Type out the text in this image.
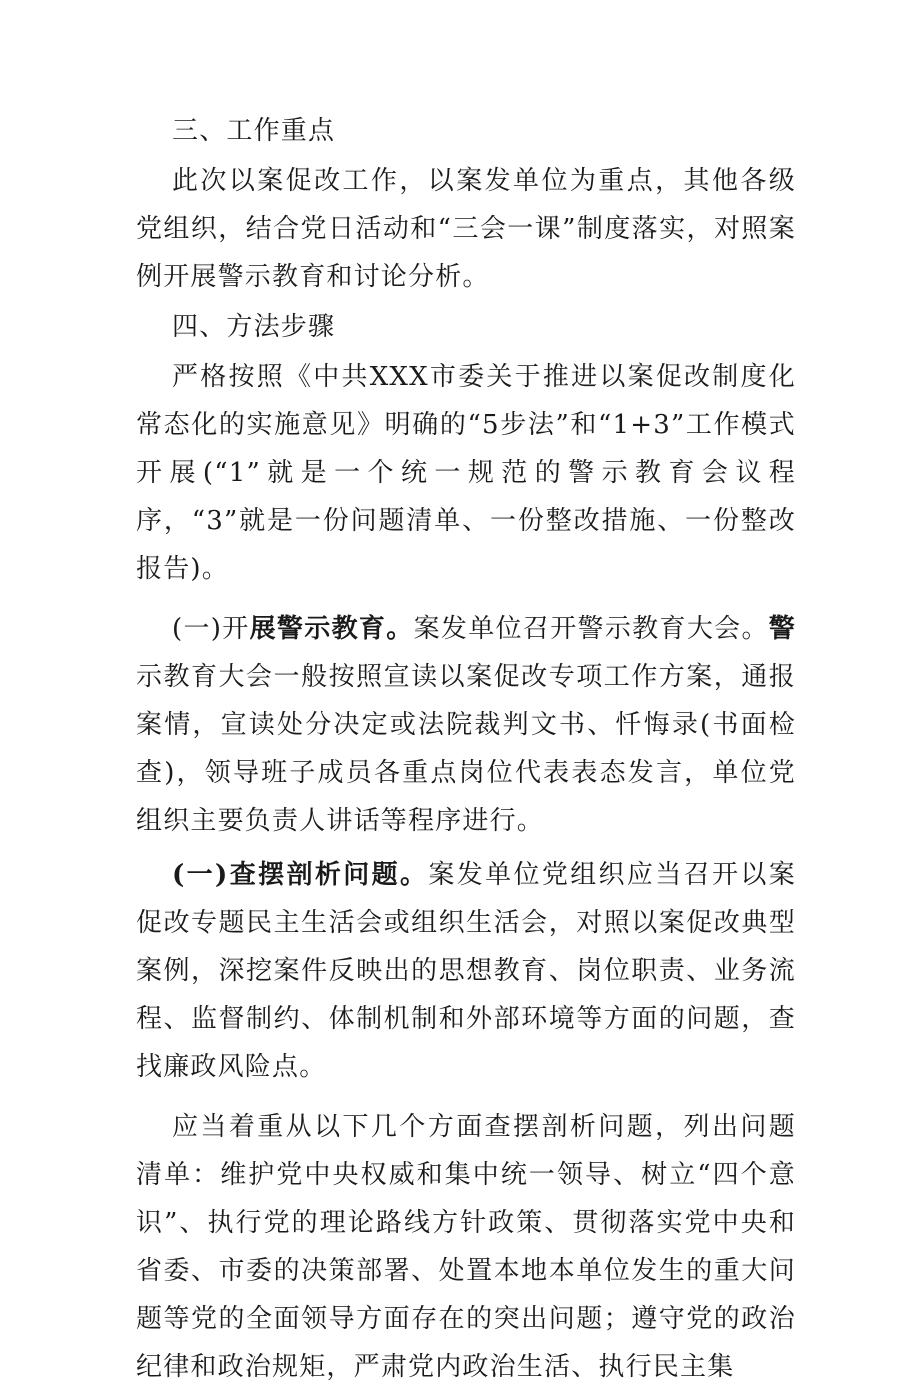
三、工作重点

此次以案促改工作，以案发单位为重点，其他各级党组织，结合党日活动和“三会一课”制度落实，对照案例开展警示教育和讨论分析。

四、方法步骤

严格按照《中共XXX市委关于推进以案促改制度化常态化的实施意见》明确的“5步法”和“1+3”工作模式开展(“1”就是一个统一规范的警示教育会议程序，“3”就是一份问题清单、一份整改措施、一份整改报告)。

(一)开展警示教育。案发单位召开警示教育大会。警示教育大会一般按照宣读以案促改专项工作方案，通报案情，宣读处分决定或法院裁判文书、忏悔录(书面检查)，领导班子成员各重点岗位代表表态发言，单位党组织主要负责人讲话等程序进行。

(一)查摆剖析问题。案发单位党组织应当召开以案促改专题民主生活会或组织生活会，对照以案促改典型案例，深挖案件反映出的思想教育、岗位职责、业务流程、监督制约、体制机制和外部环境等方面的问题，查找廉政风险点。

应当着重从以下几个方面查摆剖析问题，列出问题清单：维护党中央权威和集中统一领导、树立“四个意识”、执行党的理论路线方针政策、贯彻落实党中央和省委、市委的决策部署、处置本地本单位发生的重大问题等党的全面领导方面存在的突出问题；遵守党的政治纪律和政治规矩，严肃党内政治生活、执行民主集
